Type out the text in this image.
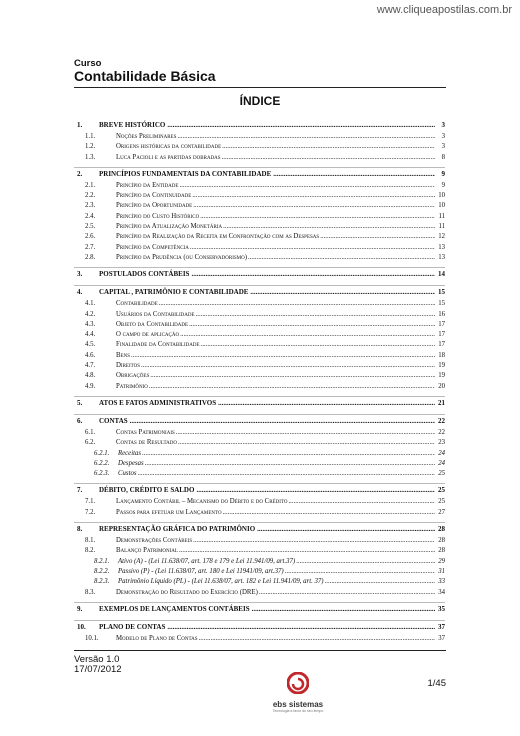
www.cliqueapostilas.com.br
Curso
Contabilidade Básica
ÍNDICE
1.	BREVE HISTÓRICO .....	3
1.1.	Noções Preliminares .....	3
1.2.	Origens históricas da contabilidade .....	3
1.3.	Luca Pacioli e as partidas dobradas .....	8
2.	PRINCÍPIOS FUNDAMENTAIS DA CONTABILIDADE .....	9
2.1.	Princípio da Entidade .....	9
2.2.	Princípio da Continuidade .....	10
2.3.	Princípio da Oportunidade .....	10
2.4.	Princípio do Custo Histórico .....	11
2.5.	Princípio da Atualização Monetária .....	11
2.6.	Princípio da Realização da Receita em Confrontação com as Despesas .....	12
2.7.	Princípio da Competência .....	13
2.8.	Princípio da Prudência (ou Conservadorismo) .....	13
3.	POSTULADOS CONTÁBEIS .....	14
4.	CAPITAL , PATRIMÔNIO E CONTABILIDADE .....	15
4.1.	Contabilidade .....	15
4.2.	Usuários da Contabilidade .....	16
4.3.	Objeto da Contabilidade .....	17
4.4.	O campo de aplicação .....	17
4.5.	Finalidade da Contabilidade .....	17
4.6.	Bens .....	18
4.7.	Direitos .....	19
4.8.	Obrigações .....	19
4.9.	Patrimônio .....	20
5.	ATOS E FATOS ADMINISTRATIVOS .....	21
6.	CONTAS .....	22
6.1.	Contas Patrimoniais .....	22
6.2.	Contas de Resultado .....	23
6.2.1.	Receitas .....	24
6.2.2.	Despesas .....	24
6.2.3.	Custos .....	25
7.	DÉBITO, CRÉDITO E SALDO .....	25
7.1.	Lançamento Contábil – Mecanismo do Débito e do Crédito .....	25
7.2.	Passos para efetuar um Lançamento .....	27
8.	REPRESENTAÇÃO GRÁFICA DO PATRIMÔNIO .....	28
8.1.	Demonstrações Contábeis .....	28
8.2.	Balanço Patrimonial .....	28
8.2.1.	Ativo (A) - (Lei 11.638/07, art. 178 e 179 e Lei 11.941/09, art.37) .....	29
8.2.2.	Passivo (P) - (Lei 11.638/07, art. 180 e Lei 11941/09, art.37) .....	31
8.2.3.	Patrimônio Líquido (PL) - (Lei 11.638/07, art. 182 e Lei 11.941/09, art. 37) .....	33
8.3.	Demonstração do Resultado do Exercício (DRE) .....	34
9.	EXEMPLOS DE LANÇAMENTOS CONTÁBEIS .....	35
10.	PLANO DE CONTAS .....	37
10.1.	Modelo de Plano de Contas .....	37
Versão 1.0
17/07/2012
ebs sistemas
Tecnologia a favor do seu tempo
1/45
